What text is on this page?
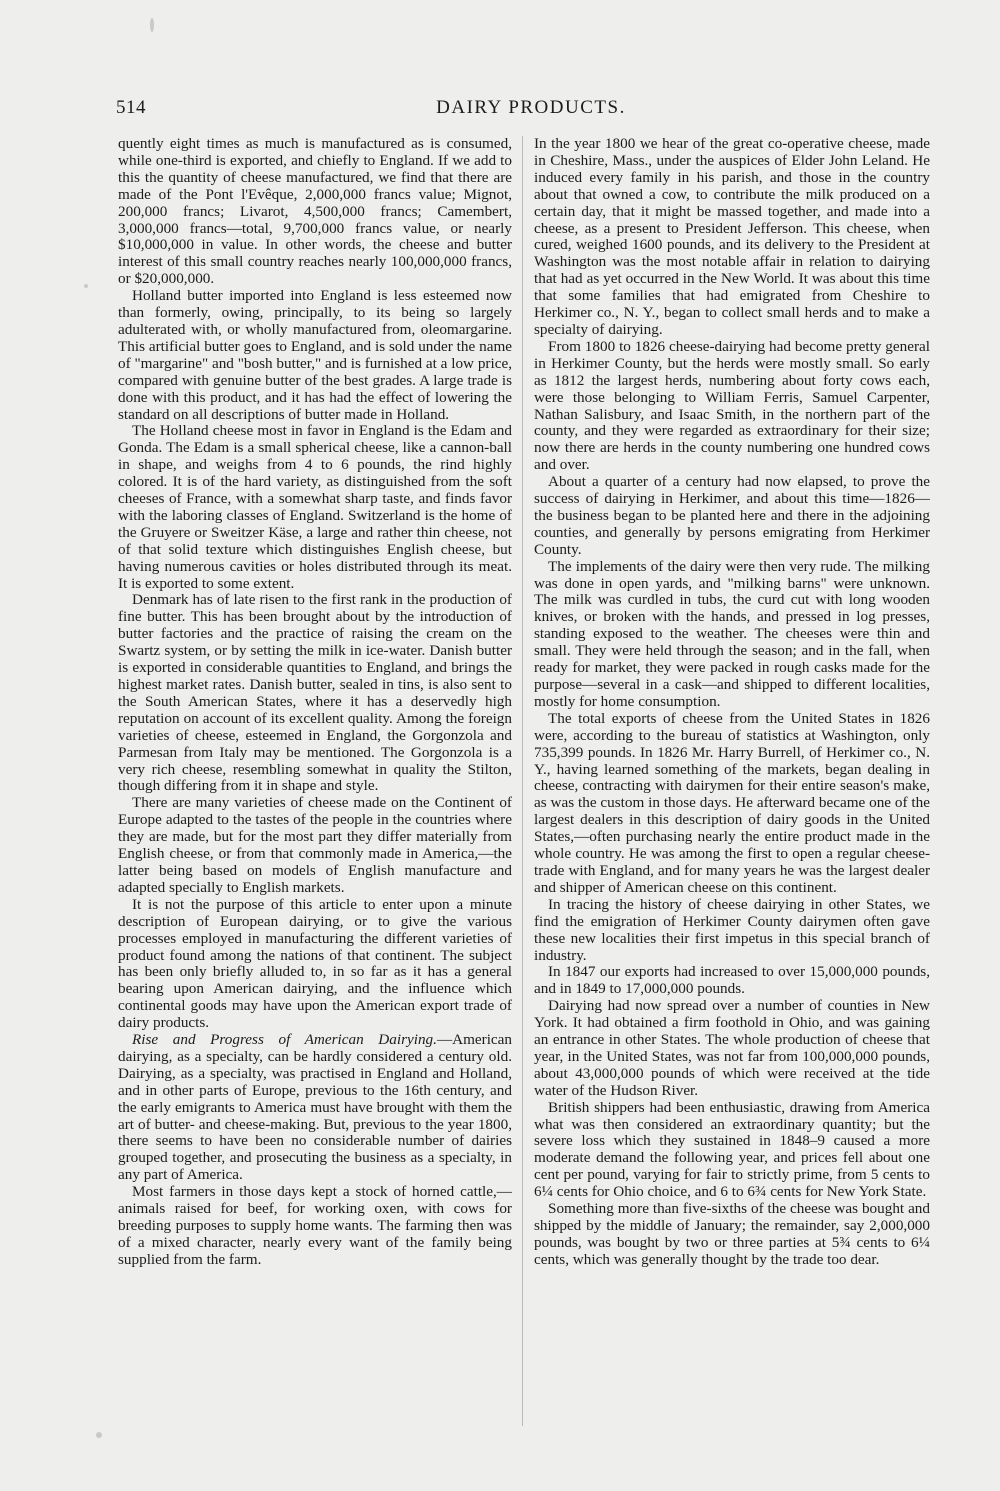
514	DAIRY PRODUCTS.

quently eight times as much is manufactured as is consumed, while one-third is exported, and chiefly to England. If we add to this the quantity of cheese manufactured, we find that there are made of the Pont l'Evêque, 2,000,000 francs value; Mignot, 200,000 francs; Livarot, 4,500,000 francs; Camembert, 3,000,000 francs—total, 9,700,000 francs value, or nearly $10,000,000 in value. In other words, the cheese and butter interest of this small country reaches nearly 100,000,000 francs, or $20,000,000.

Holland butter imported into England is less esteemed now than formerly, owing, principally, to its being so largely adulterated with, or wholly manufactured from, oleomargarine. This artificial butter goes to England, and is sold under the name of "margarine" and "bosh butter," and is furnished at a low price, compared with genuine butter of the best grades. A large trade is done with this product, and it has had the effect of lowering the standard on all descriptions of butter made in Holland.

The Holland cheese most in favor in England is the Edam and Gonda. The Edam is a small spherical cheese, like a cannon-ball in shape, and weighs from 4 to 6 pounds, the rind highly colored. It is of the hard variety, as distinguished from the soft cheeses of France, with a somewhat sharp taste, and finds favor with the laboring classes of England. Switzerland is the home of the Gruyere or Sweitzer Käse, a large and rather thin cheese, not of that solid texture which distinguishes English cheese, but having numerous cavities or holes distributed through its meat. It is exported to some extent.

Denmark has of late risen to the first rank in the production of fine butter. This has been brought about by the introduction of butter factories and the practice of raising the cream on the Swartz system, or by setting the milk in ice-water. Danish butter is exported in considerable quantities to England, and brings the highest market rates. Danish butter, sealed in tins, is also sent to the South American States, where it has a deservedly high reputation on account of its excellent quality. Among the foreign varieties of cheese, esteemed in England, the Gorgonzola and Parmesan from Italy may be mentioned. The Gorgonzola is a very rich cheese, resembling somewhat in quality the Stilton, though differing from it in shape and style.

There are many varieties of cheese made on the Continent of Europe adapted to the tastes of the people in the countries where they are made, but for the most part they differ materially from English cheese, or from that commonly made in America,—the latter being based on models of English manufacture and adapted specially to English markets.

It is not the purpose of this article to enter upon a minute description of European dairying, or to give the various processes employed in manufacturing the different varieties of product found among the nations of that continent. The subject has been only briefly alluded to, in so far as it has a general bearing upon American dairying, and the influence which continental goods may have upon the American export trade of dairy products.

Rise and Progress of American Dairying.—American dairying, as a specialty, can be hardly considered a century old. Dairying, as a specialty, was practised in England and Holland, and in other parts of Europe, previous to the 16th century, and the early emigrants to America must have brought with them the art of butter- and cheese-making. But, previous to the year 1800, there seems to have been no considerable number of dairies grouped together, and prosecuting the business as a specialty, in any part of America.

Most farmers in those days kept a stock of horned cattle,—animals raised for beef, for working oxen, with cows for breeding purposes to supply home wants. The farming then was of a mixed character, nearly every want of the family being supplied from the farm.

In the year 1800 we hear of the great co-operative cheese, made in Cheshire, Mass., under the auspices of Elder John Leland. He induced every family in his parish, and those in the country about that owned a cow, to contribute the milk produced on a certain day, that it might be massed together, and made into a cheese, as a present to President Jefferson. This cheese, when cured, weighed 1600 pounds, and its delivery to the President at Washington was the most notable affair in relation to dairying that had as yet occurred in the New World. It was about this time that some families that had emigrated from Cheshire to Herkimer co., N. Y., began to collect small herds and to make a specialty of dairying.

From 1800 to 1826 cheese-dairying had become pretty general in Herkimer County, but the herds were mostly small. So early as 1812 the largest herds, numbering about forty cows each, were those belonging to William Ferris, Samuel Carpenter, Nathan Salisbury, and Isaac Smith, in the northern part of the county, and they were regarded as extraordinary for their size; now there are herds in the county numbering one hundred cows and over.

About a quarter of a century had now elapsed, to prove the success of dairying in Herkimer, and about this time—1826—the business began to be planted here and there in the adjoining counties, and generally by persons emigrating from Herkimer County.

The implements of the dairy were then very rude. The milking was done in open yards, and "milking barns" were unknown. The milk was curdled in tubs, the curd cut with long wooden knives, or broken with the hands, and pressed in log presses, standing exposed to the weather. The cheeses were thin and small. They were held through the season; and in the fall, when ready for market, they were packed in rough casks made for the purpose—several in a cask—and shipped to different localities, mostly for home consumption.

The total exports of cheese from the United States in 1826 were, according to the bureau of statistics at Washington, only 735,399 pounds. In 1826 Mr. Harry Burrell, of Herkimer co., N. Y., having learned something of the markets, began dealing in cheese, contracting with dairymen for their entire season's make, as was the custom in those days. He afterward became one of the largest dealers in this description of dairy goods in the United States,—often purchasing nearly the entire product made in the whole country. He was among the first to open a regular cheese-trade with England, and for many years he was the largest dealer and shipper of American cheese on this continent.

In tracing the history of cheese dairying in other States, we find the emigration of Herkimer County dairymen often gave these new localities their first impetus in this special branch of industry.

In 1847 our exports had increased to over 15,000,000 pounds, and in 1849 to 17,000,000 pounds.

Dairying had now spread over a number of counties in New York. It had obtained a firm foothold in Ohio, and was gaining an entrance in other States. The whole production of cheese that year, in the United States, was not far from 100,000,000 pounds, about 43,000,000 pounds of which were received at the tide water of the Hudson River.

British shippers had been enthusiastic, drawing from America what was then considered an extraordinary quantity; but the severe loss which they sustained in 1848–9 caused a more moderate demand the following year, and prices fell about one cent per pound, varying for fair to strictly prime, from 5 cents to 6¼ cents for Ohio choice, and 6 to 6¾ cents for New York State.

Something more than five-sixths of the cheese was bought and shipped by the middle of January; the remainder, say 2,000,000 pounds, was bought by two or three parties at 5¾ cents to 6¼ cents, which was generally thought by the trade too dear.
